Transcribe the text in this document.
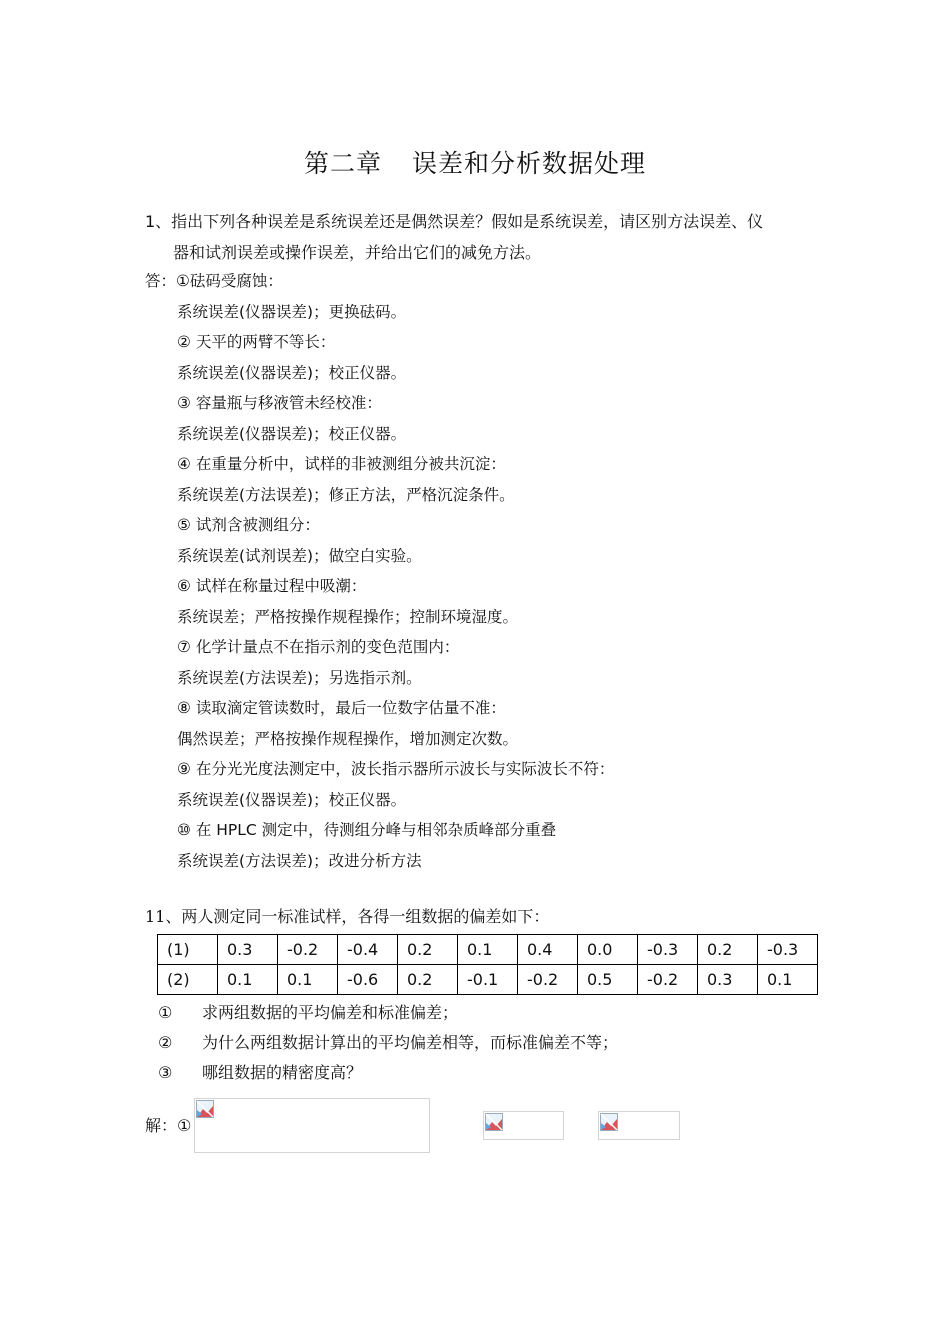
第二章 误差和分析数据处理
1、指出下列各种误差是系统误差还是偶然误差？假如是系统误差，请区别方法误差、仪
器和试剂误差或操作误差，并给出它们的减免方法。
答：①砝码受腐蚀：
系统误差(仪器误差)；更换砝码。
② 天平的两臂不等长：
系统误差(仪器误差)；校正仪器。
③ 容量瓶与移液管未经校准：
系统误差(仪器误差)；校正仪器。
④ 在重量分析中，试样的非被测组分被共沉淀：
系统误差(方法误差)；修正方法，严格沉淀条件。
⑤ 试剂含被测组分：
系统误差(试剂误差)；做空白实验。
⑥ 试样在称量过程中吸潮：
系统误差；严格按操作规程操作；控制环境湿度。
⑦ 化学计量点不在指示剂的变色范围内：
系统误差(方法误差)；另选指示剂。
⑧ 读取滴定管读数时，最后一位数字估量不准：
偶然误差；严格按操作规程操作，增加测定次数。
⑨ 在分光光度法测定中，波长指示器所示波长与实际波长不符：
系统误差(仪器误差)；校正仪器。
⑩ 在 HPLC 测定中，待测组分峰与相邻杂质峰部分重叠
系统误差(方法误差)；改进分析方法
11、两人测定同一标准试样，各得一组数据的偏差如下：
(1)	0.3	-0.2	-0.4	0.2	0.1	0.4	0.0	-0.3	0.2	-0.3
(2)	0.1	0.1	-0.6	0.2	-0.1	-0.2	0.5	-0.2	0.3	0.1
① 求两组数据的平均偏差和标准偏差；
② 为什么两组数据计算出的平均偏差相等，而标准偏差不等；
③ 哪组数据的精密度高？
解：①
